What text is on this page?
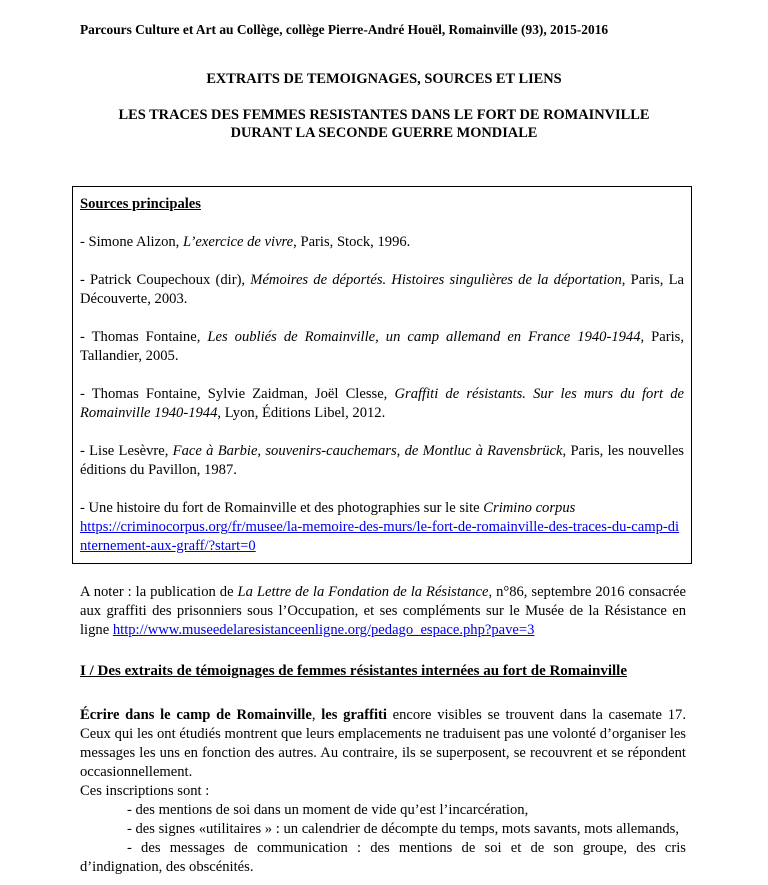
Parcours Culture et Art au Collège, collège Pierre-André Houël, Romainville (93), 2015-2016
EXTRAITS DE TEMOIGNAGES, SOURCES ET LIENS
LES TRACES DES FEMMES RESISTANTES DANS LE FORT DE ROMAINVILLE
DURANT LA SECONDE GUERRE MONDIALE
Sources principales
- Simone Alizon, L’exercice de vivre, Paris, Stock, 1996.
- Patrick Coupechoux (dir), Mémoires de déportés. Histoires singulières de la déportation, Paris, La Découverte, 2003.
- Thomas Fontaine, Les oubliés de Romainville, un camp allemand en France 1940-1944, Paris, Tallandier, 2005.
- Thomas Fontaine, Sylvie Zaidman, Joël Clesse, Graffiti de résistants. Sur les murs du fort de Romainville 1940-1944, Lyon, Éditions Libel, 2012.
- Lise Lesèvre, Face à Barbie, souvenirs-cauchemars, de Montluc à Ravensbrück, Paris, les nouvelles éditions du Pavillon, 1987.
- Une histoire du fort de Romainville et des photographies sur le site Crimino corpus
https://criminocorpus.org/fr/musee/la-memoire-des-murs/le-fort-de-romainville-des-traces-du-camp-dinternement-aux-graff/?start=0
A noter : la publication de La Lettre de la Fondation de la Résistance, n°86, septembre 2016 consacrée aux graffiti des prisonniers sous l’Occupation, et ses compléments sur le Musée de la Résistance en ligne http://www.museedelaresistanceenligne.org/pedago_espace.php?pave=3
I / Des extraits de témoignages de femmes résistantes internées au fort de Romainville

Écrire dans le camp de Romainville, les graffiti encore visibles se trouvent dans la casemate 17. Ceux qui les ont étudiés montrent que leurs emplacements ne traduisent pas une volonté d’organiser les messages les uns en fonction des autres. Au contraire, ils se superposent, se recouvrent et se répondent occasionnellement.

Ces inscriptions sont :
- des mentions de soi dans un moment de vide qu’est l’incarcération,
- des signes «utilitaires » : un calendrier de décompte du temps, mots savants, mots allemands,
- des messages de communication : des mentions de soi et de son groupe, des cris d’indignation, des obscénités.
